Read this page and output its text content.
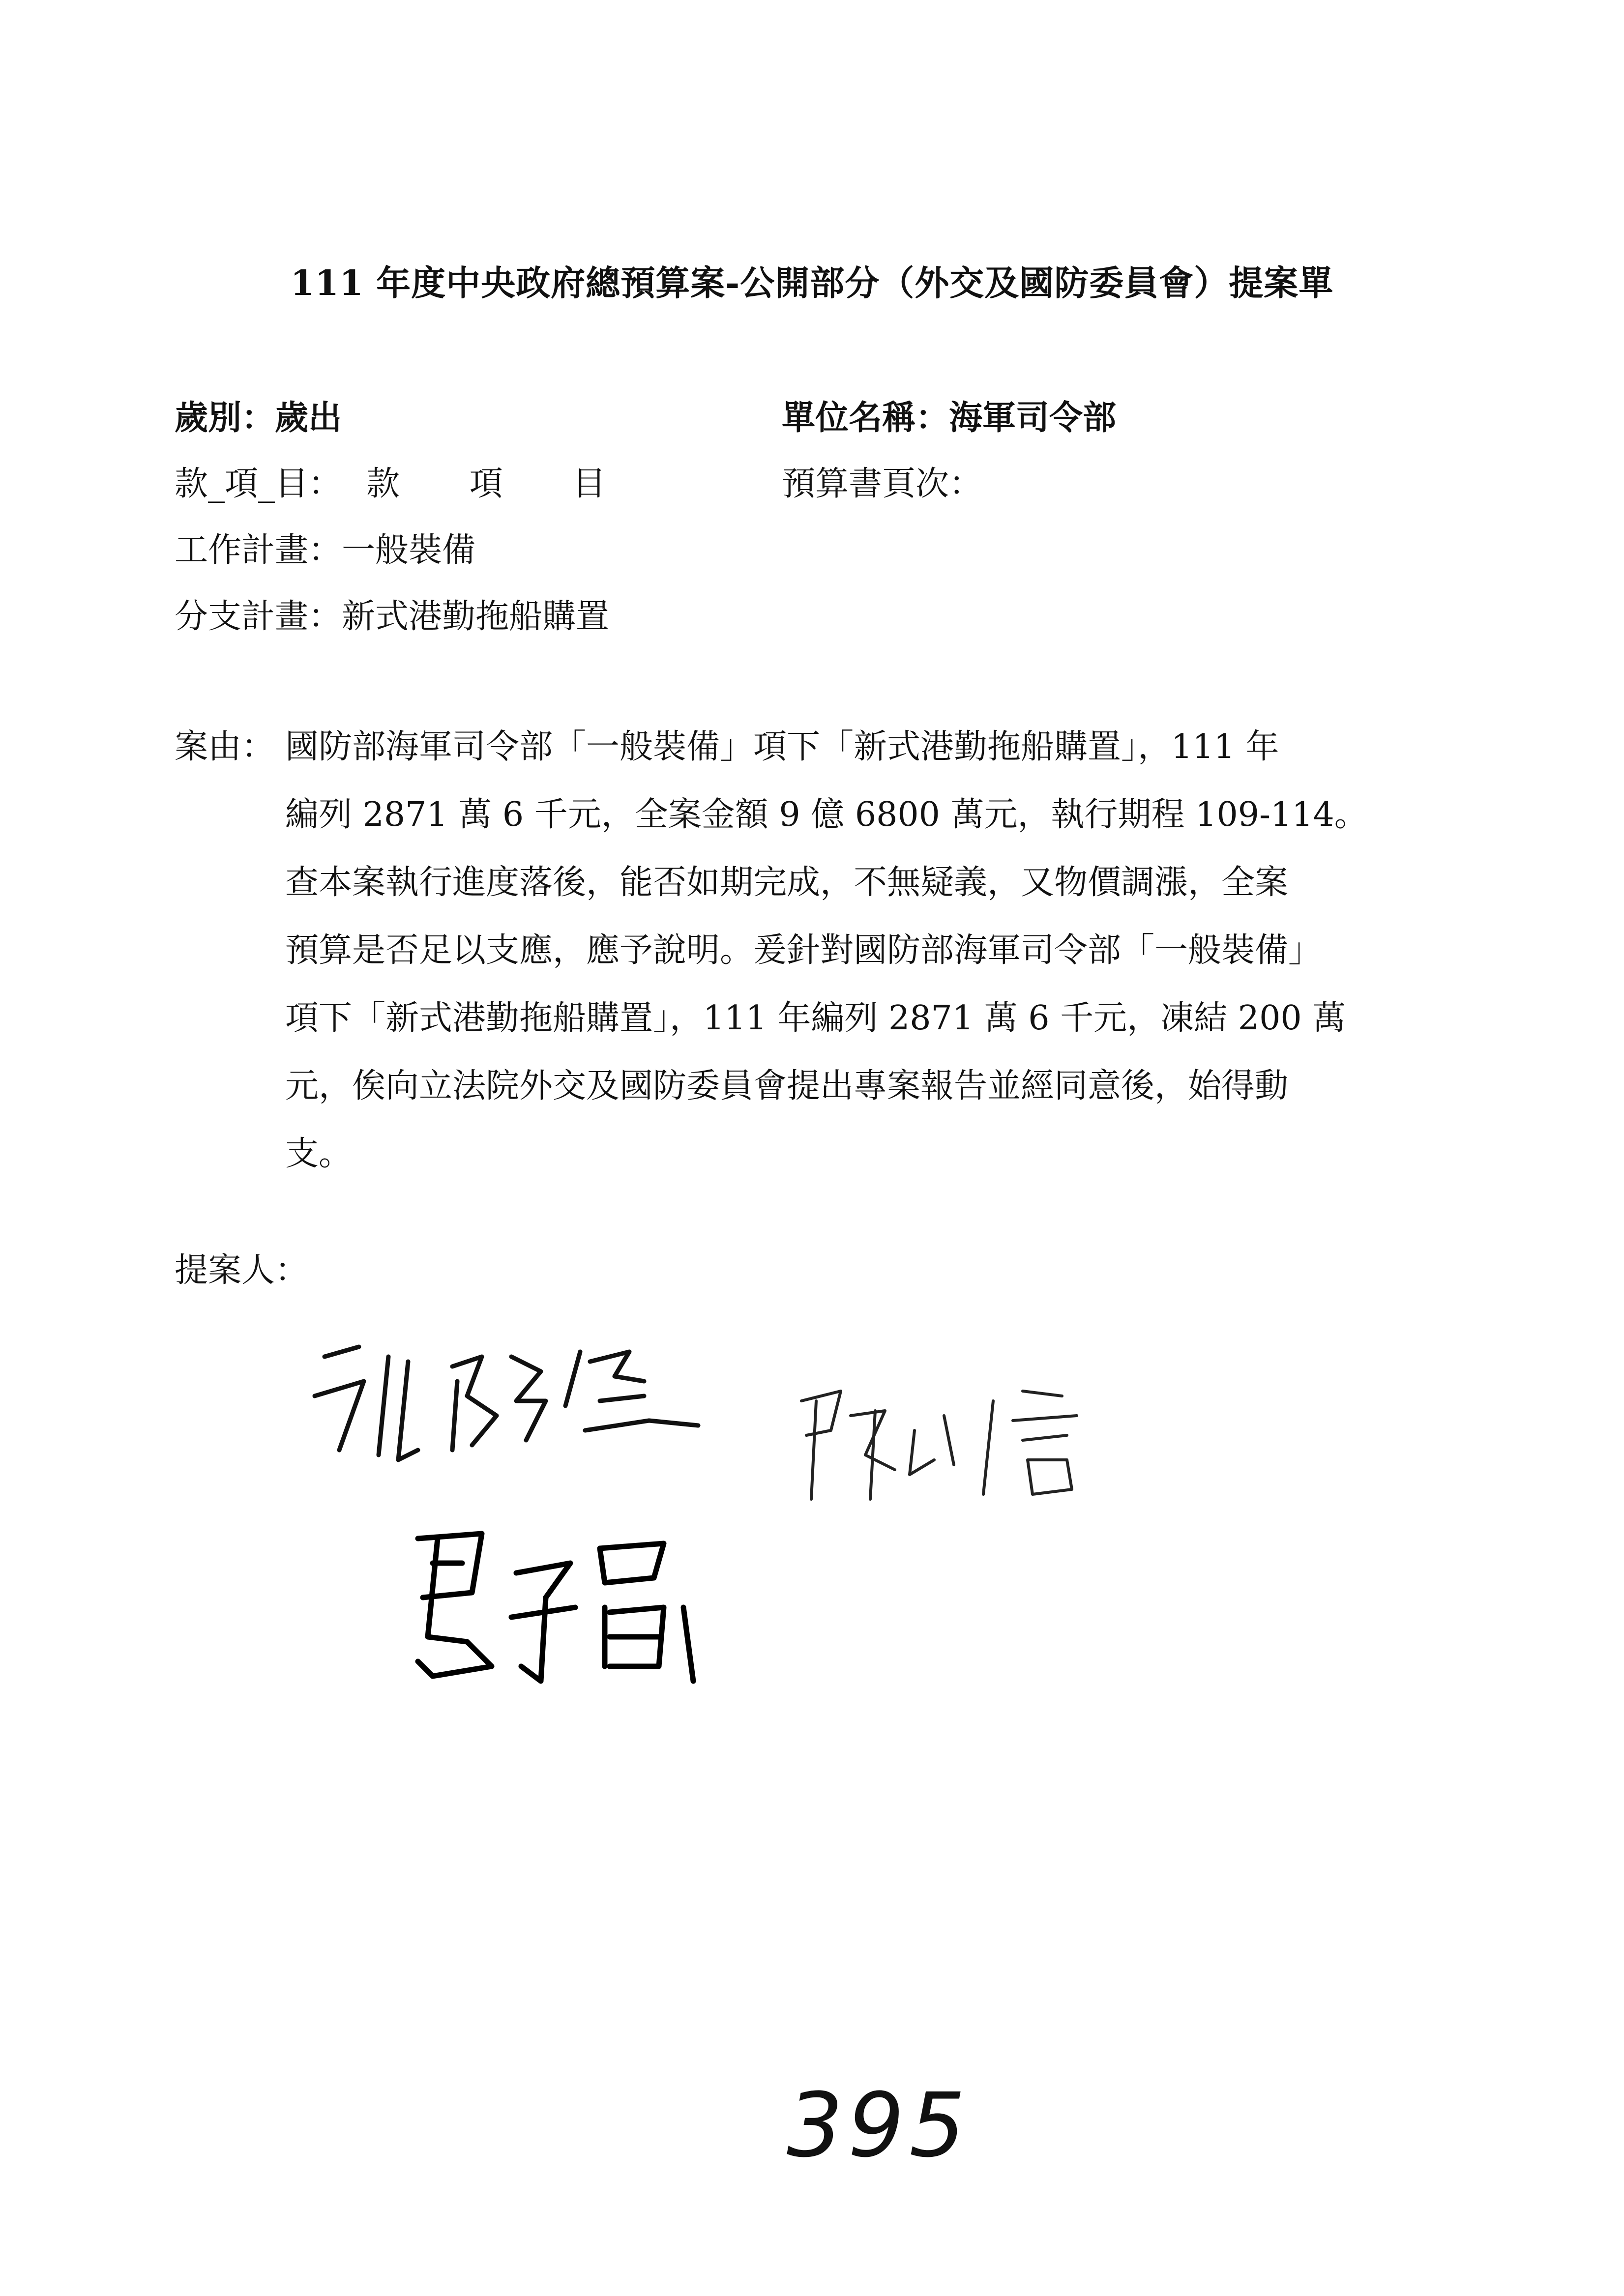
111 年度中央政府總預算案-公開部分（外交及國防委員會）提案單
歲別：歲出	單位名稱：海軍司令部
款_項_目： 款 項 目	預算書頁次：
工作計畫：一般裝備
分支計畫：新式港勤拖船購置
案由： 國防部海軍司令部「一般裝備」項下「新式港勤拖船購置」，111 年
編列 2871 萬 6 千元，全案金額 9 億 6800 萬元，執行期程 109-114。
查本案執行進度落後，能否如期完成，不無疑義，又物價調漲，全案
預算是否足以支應，應予說明。爰針對國防部海軍司令部「一般裝備」
項下「新式港勤拖船購置」，111 年編列 2871 萬 6 千元，凍結 200 萬
元，俟向立法院外交及國防委員會提出專案報告並經同意後，始得動
支。
提案人：
395
